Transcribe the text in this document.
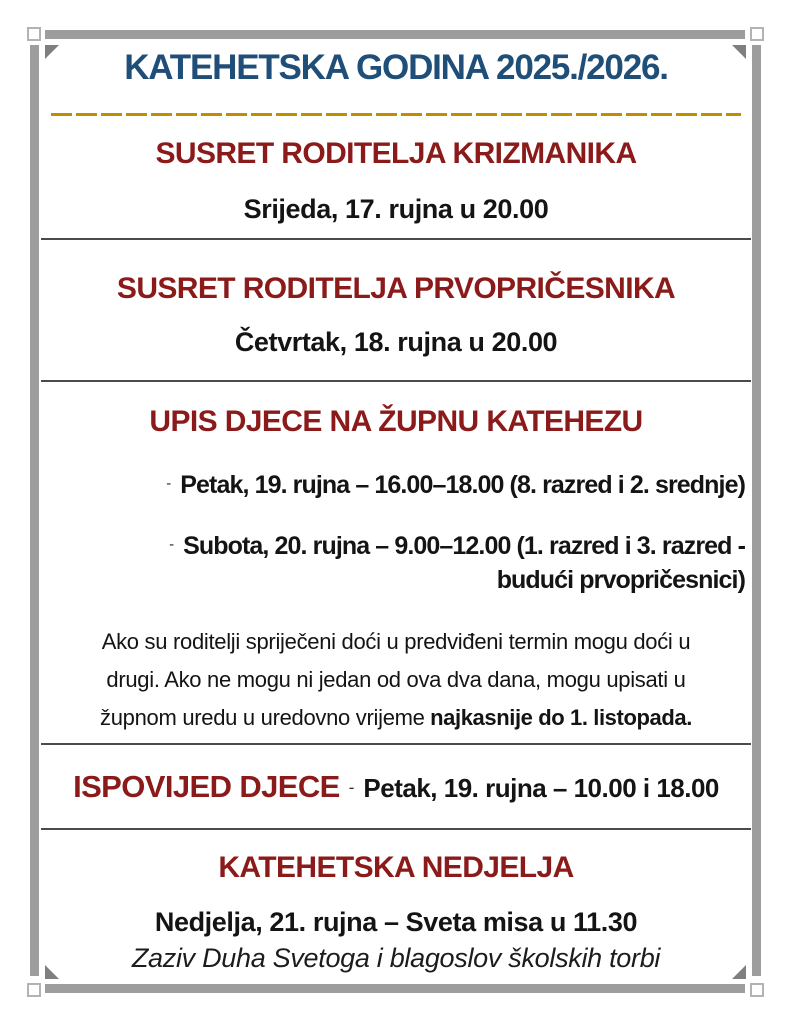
KATEHETSKA GODINA 2025./2026.
SUSRET RODITELJA KRIZMANIKA

Srijeda, 17. rujna u 20.00

SUSRET RODITELJA PRVOPRIČESNIKA

Četvrtak, 18. rujna u 20.00

UPIS DJECE NA ŽUPNU KATEHEZU
- Petak, 19. rujna – 16.00–18.00 (8. razred i 2. srednje)
- Subota, 20. rujna – 9.00–12.00 (1. razred i 3. razred -
budući prvopričesnici)

Ako su roditelji spriječeni doći u predviđeni termin mogu doći u
drugi. Ako ne mogu ni jedan od ova dva dana, mogu upisati u
župnom uredu u uredovno vrijeme najkasnije do 1. listopada.

ISPOVIJED DJECE - Petak, 19. rujna – 10.00 i 18.00
KATEHETSKA NEDJELJA

Nedjelja, 21. rujna – Sveta misa u 11.30

Zaziv Duha Svetoga i blagoslov školskih torbi
